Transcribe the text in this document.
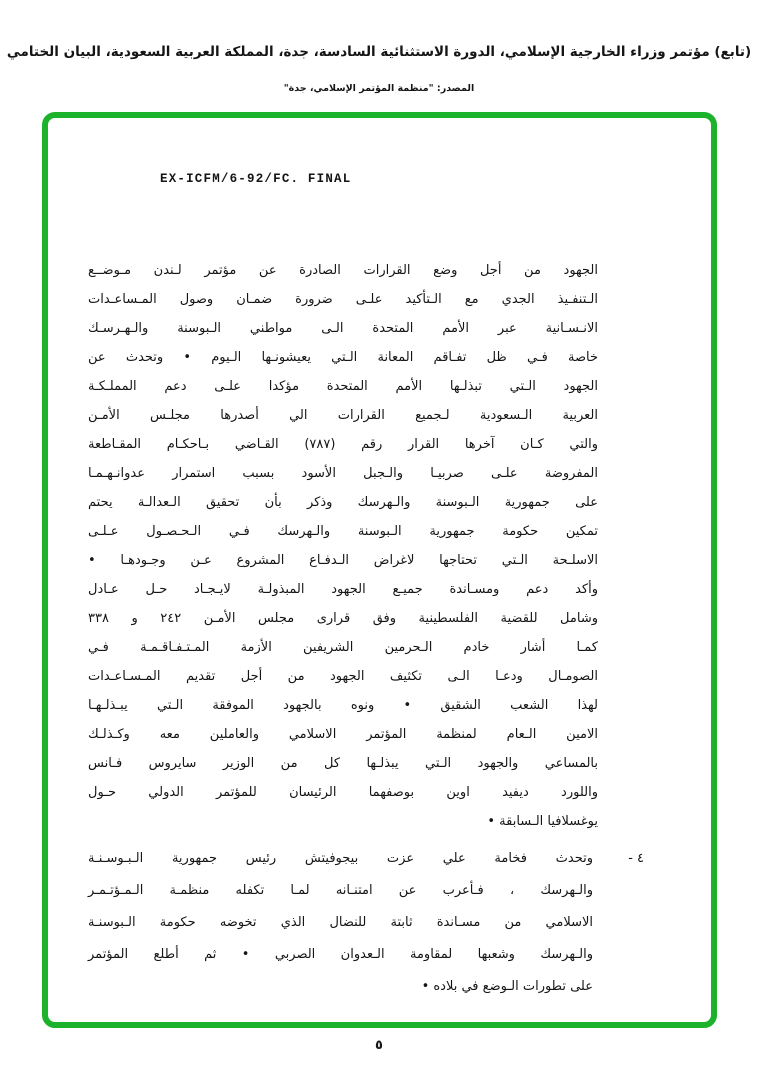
(تابع) مؤتمر وزراء الخارجية الإسلامي، الدورة الاستثنائية السادسة، جدة، المملكة العربية السعودية، البيان الختامي
المصدر: "منظمة المؤتمر الإسلامي، جدة"
EX-ICFM/6-92/FC. FINAL
الجهود من أجل وضع القرارات الصادرة عن مؤتمر لـندن مـوضــع
الـتنفـيذ الجدي مع الـتأكيد علـى ضرورة ضمـان وصول المـساعـدات
الانـسـانية عبر الأمم المتحدة الـى مواطني الـبوسنة والـهـرسـك
خاصة فـي ظل تفـاقم المعانة الـتي يعيشونـها الـيوم • وتحدث عن
الجهود الـتي تبذلـها الأمم المتحدة مؤكدا علـى دعم المملـكـة
العربية الـسعودية لـجميع القرارات الي أصدرها مجلـس الأمـن
والتي كـان آخرها القرار رقم (٧٨٧) القـاضي بـاحكـام المقـاطعة
المفروضة علـى صربيـا والـجبل الأسود بسبب استمرار عدوانـهـمـا
على جمهورية الـبوسنة والـهرسك وذكر بأن تحقيق الـعدالـة يحتم
تمكين حكومة جمهورية الـبوسنة والـهرسك فـي الـحـصـول عـلـى
الاسلـحة الـتي تحتاجها لاغراض الـدفـاع المشروع عـن وجـودهـا •
وأكد دعم ومسـاندة جميـع الجهود المبذولـة لايـجـاد حـل عـادل
وشامل للقضية الفلسطينية وفق قرارى مجلس الأمـن ٢٤٢ و ٣٣٨
كمـا أشار خادم الـحرمين الشريفين الأزمة المـتـفـاقـمـة فـي
الصومـال ودعـا الـى تكثيف الجهود من أجل تقديم المـسـاعـدات
لهذا الشعب الشقيق • ونوه بالجهود الموفقة الـتي يبـذلـهـا
الامين الـعام لمنظمة المؤتمر الاسلامي والعاملين معه وكـذلـك
بالمساعي والجهود الـتي يبذلـها كل من الوزير سايروس فـانس
واللورد ديفيد اوين بوصفهما الرئيسان للمؤتمر الدولي حـول
يوغسلافيا الـسابقة •
٤ -
وتحدث فخامة علي عزت بيجوفيتش رئيس جمهورية الـبـوسـنـة
والـهرسك ، فـأعرب عن امتنـانه لمـا تكفله منظمـة الـمـؤتـمـر
الاسلامي من مسـاندة ثابتة للنضال الذي تخوضه حكومة الـبوسنـة
والـهرسك وشعبها لمقاومة الـعدوان الصربي • ثم أطلع المؤتمر
على تطورات الـوضع في بلاده •
٥
